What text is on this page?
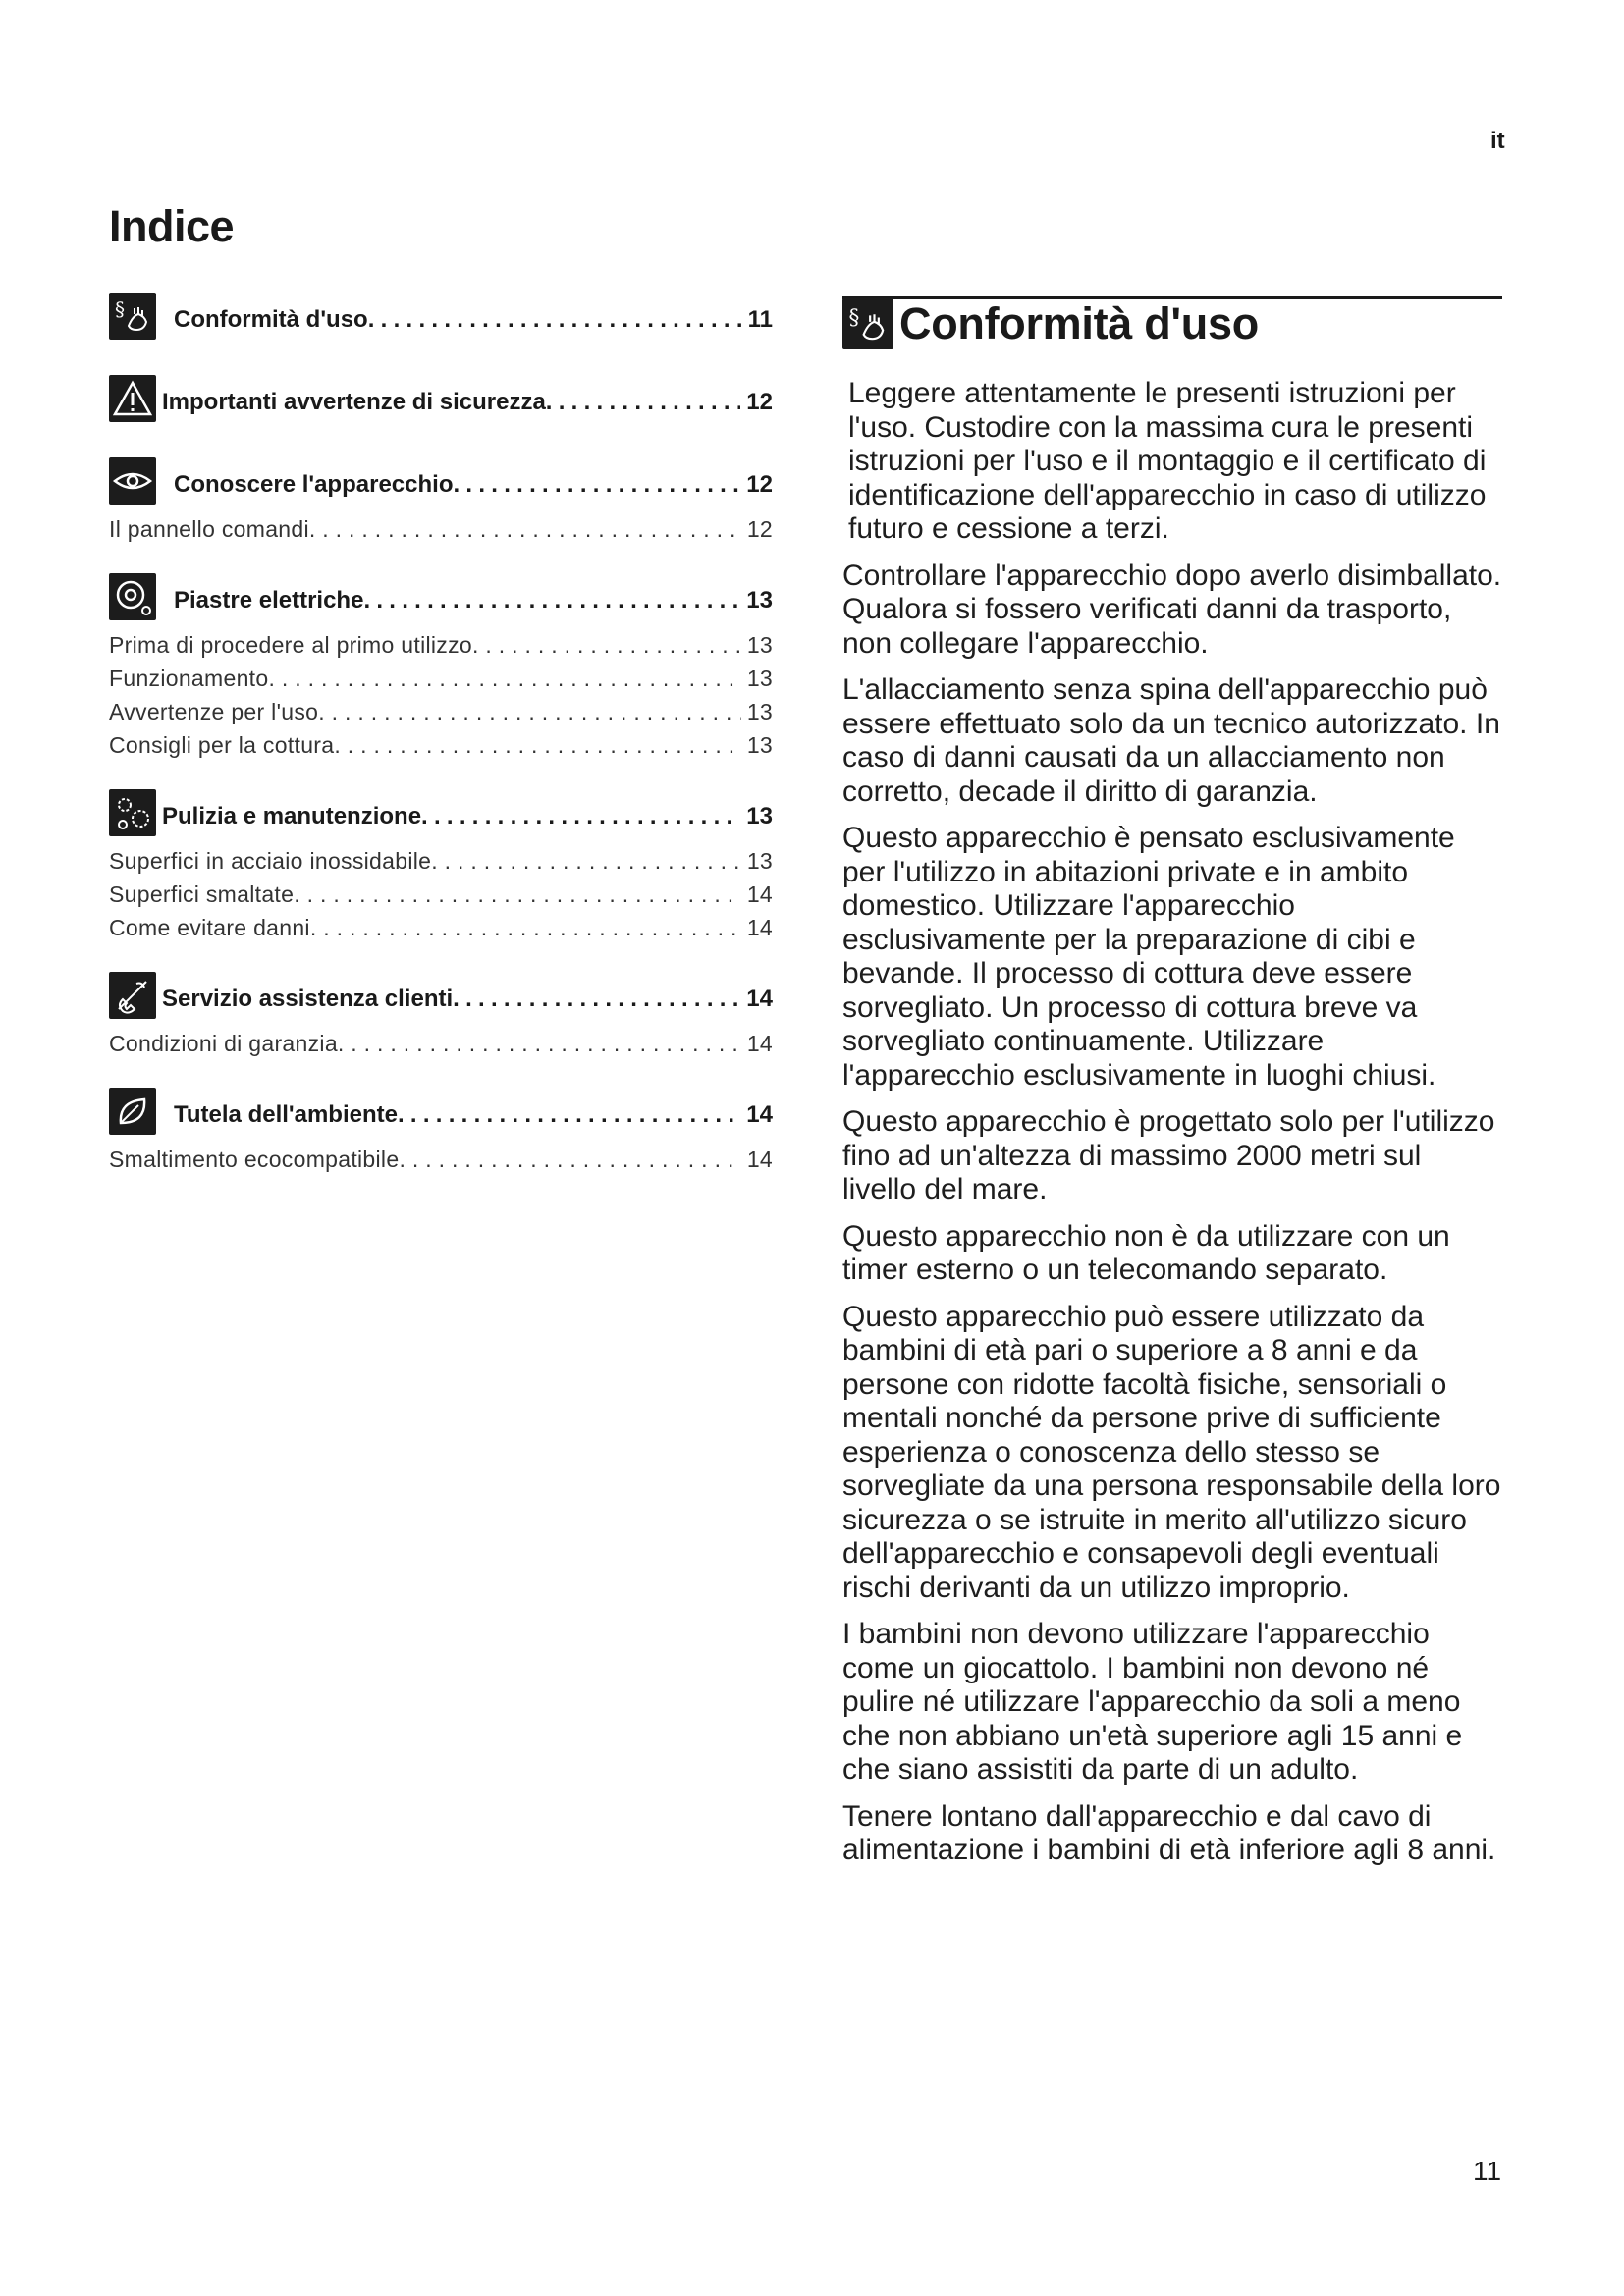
it
Indice
§ Conformità d'uso . . .	11
Importanti avvertenze di sicurezza . . .	12
Conoscere l'apparecchio . . .	12
Il pannello comandi . . .	12
Piastre elettriche . . .	13
Prima di procedere al primo utilizzo . . .	13
Funzionamento . . .	13
Avvertenze per l'uso . . .	13
Consigli per la cottura . . .	13
Pulizia e manutenzione . . .	13
Superfici in acciaio inossidabile . . .	13
Superfici smaltate . . .	14
Come evitare danni . . .	14
Servizio assistenza clienti . . .	14
Condizioni di garanzia . . .	14
Tutela dell'ambiente . . .	14
Smaltimento ecocompatibile . . .	14
§ Conformità d'uso

Leggere attentamente le presenti istruzioni per l'uso. Custodire con la massima cura le presenti istruzioni per l'uso e il montaggio e il certificato di identificazione dell'apparecchio in caso di utilizzo futuro e cessione a terzi.

Controllare l'apparecchio dopo averlo disimballato. Qualora si fossero verificati danni da trasporto, non collegare l'apparecchio.

L'allacciamento senza spina dell'apparecchio può essere effettuato solo da un tecnico autorizzato. In caso di danni causati da un allacciamento non corretto, decade il diritto di garanzia.

Questo apparecchio è pensato esclusivamente per l'utilizzo in abitazioni private e in ambito domestico. Utilizzare l'apparecchio esclusivamente per la preparazione di cibi e bevande. Il processo di cottura deve essere sorvegliato. Un processo di cottura breve va sorvegliato continuamente. Utilizzare l'apparecchio esclusivamente in luoghi chiusi.

Questo apparecchio è progettato solo per l'utilizzo fino ad un'altezza di massimo 2000 metri sul livello del mare.

Questo apparecchio non è da utilizzare con un timer esterno o un telecomando separato.

Questo apparecchio può essere utilizzato da bambini di età pari o superiore a 8 anni e da persone con ridotte facoltà fisiche, sensoriali o mentali nonché da persone prive di sufficiente esperienza o conoscenza dello stesso se sorvegliate da una persona responsabile della loro sicurezza o se istruite in merito all'utilizzo sicuro dell'apparecchio e consapevoli degli eventuali rischi derivanti da un utilizzo improprio.

I bambini non devono utilizzare l'apparecchio come un giocattolo. I bambini non devono né pulire né utilizzare l'apparecchio da soli a meno che non abbiano un'età superiore agli 15 anni e che siano assistiti da parte di un adulto.

Tenere lontano dall'apparecchio e dal cavo di alimentazione i bambini di età inferiore agli 8 anni.

11
